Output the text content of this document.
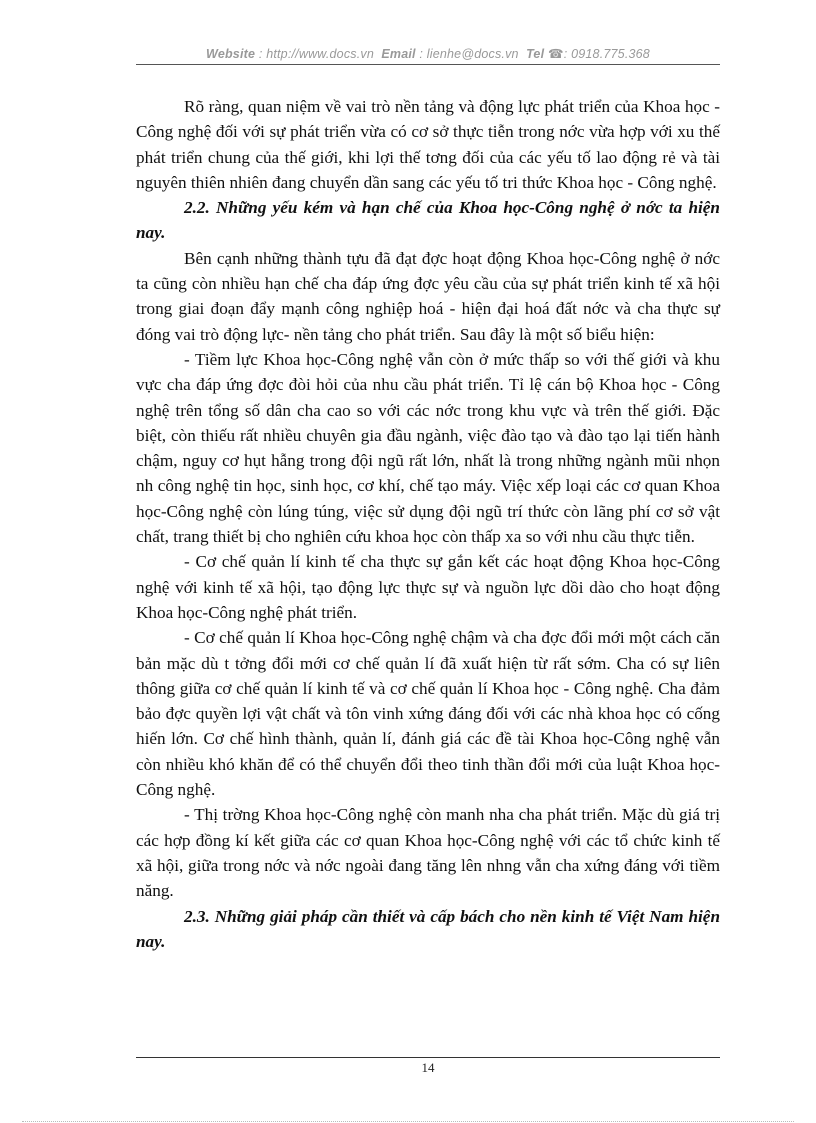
Website : http://www.docs.vn Email : lienhe@docs.vn Tel ☎: 0918.775.368

Rõ ràng, quan niệm về vai trò nền tảng và động lực phát triển của Khoa học - Công nghệ đối với sự phát triển vừa có cơ sở thực tiễn trong nớc vừa hợp với xu thế phát triển chung của thế giới, khi lợi thế tơng đối của các yếu tố lao động rẻ và tài nguyên thiên nhiên đang chuyển dần sang các yếu tố tri thức Khoa học - Công nghệ.

2.2. Những yếu kém và hạn chế của Khoa học-Công nghệ ở nớc ta hiện nay.

Bên cạnh những thành tựu đã đạt đợc hoạt động Khoa học-Công nghệ ở nớc ta cũng còn nhiều hạn chế cha đáp ứng đợc yêu cầu của sự phát triển kinh tế xã hội trong giai đoạn đẩy mạnh công nghiệp hoá - hiện đại hoá đất nớc và cha thực sự đóng vai trò động lực- nền tảng cho phát triển. Sau đây là một số biểu hiện:

- Tiềm lực Khoa học-Công nghệ vẫn còn ở mức thấp so với thế giới và khu vực cha đáp ứng đợc đòi hỏi của nhu cầu phát triển. Tỉ lệ cán bộ Khoa học - Công nghệ trên tổng số dân cha cao so với các nớc trong khu vực và trên thế giới. Đặc biệt, còn thiếu rất nhiều chuyên gia đầu ngành, việc đào tạo và đào tạo lại tiến hành chậm, nguy cơ hụt hẫng trong đội ngũ rất lớn, nhất là trong những ngành mũi nhọn nh công nghệ tin học, sinh học, cơ khí, chế tạo máy. Việc xếp loại các cơ quan Khoa học-Công nghệ còn lúng túng, việc sử dụng đội ngũ trí thức còn lãng phí cơ sở vật chất, trang thiết bị cho nghiên cứu khoa học còn thấp xa so với nhu cầu thực tiễn.

- Cơ chế quản lí kinh tế cha thực sự gắn kết các hoạt động Khoa học-Công nghệ với kinh tế xã hội, tạo động lực thực sự và nguồn lực dồi dào cho hoạt động Khoa học-Công nghệ phát triển.

- Cơ chế quản lí Khoa học-Công nghệ chậm và cha đợc đổi mới một cách căn bản mặc dù t tởng đổi mới cơ chế quản lí đã xuất hiện từ rất sớm. Cha có sự liên thông giữa cơ chế quản lí kinh tế và cơ chế quản lí Khoa học - Công nghệ. Cha đảm bảo đợc quyền lợi vật chất và tôn vinh xứng đáng đối với các nhà khoa học có cống hiến lớn. Cơ chế hình thành, quản lí, đánh giá các đề tài Khoa học-Công nghệ vẫn còn nhiều khó khăn để có thể chuyển đổi theo tinh thần đổi mới của luật Khoa học-Công nghệ.

- Thị trờng Khoa học-Công nghệ còn manh nha cha phát triển. Mặc dù giá trị các hợp đồng kí kết giữa các cơ quan Khoa học-Công nghệ với các tổ chức kinh tế xã hội, giữa trong nớc và nớc ngoài đang tăng lên nhng vẫn cha xứng đáng với tiềm năng.

2.3. Những giải pháp cần thiết và cấp bách cho nền kinh tế Việt Nam hiện nay.

14
